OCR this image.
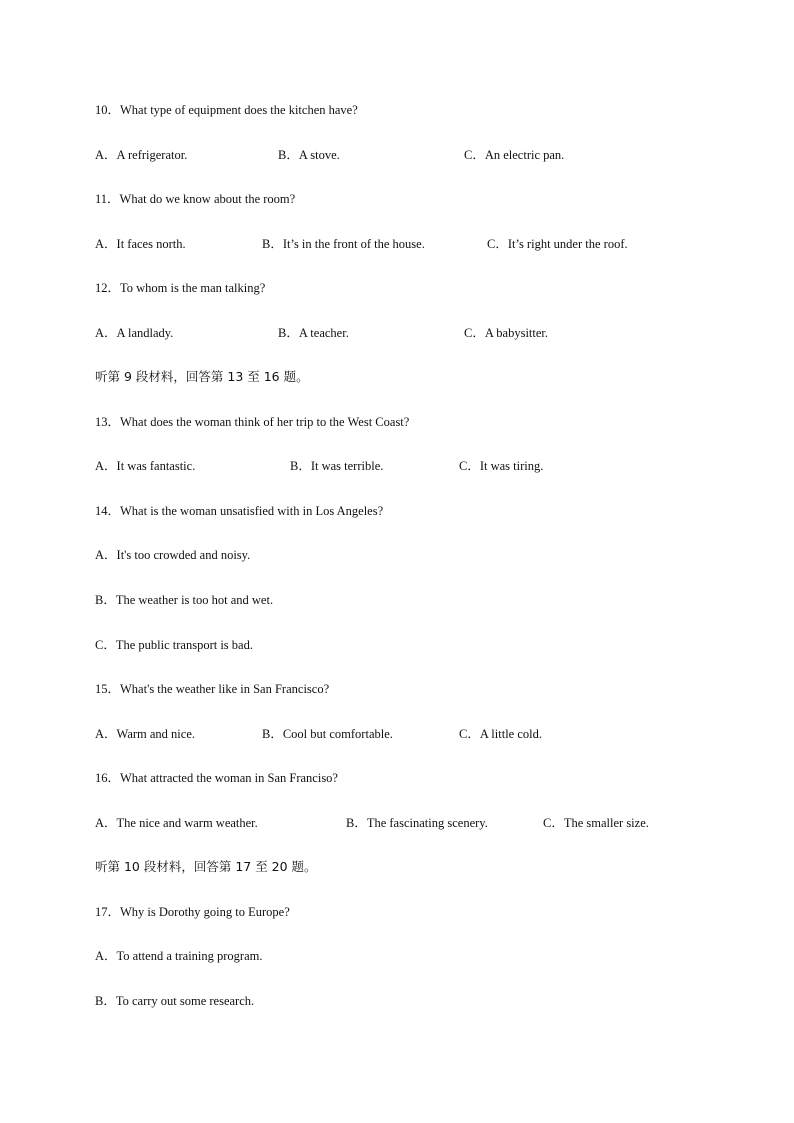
10．What type of equipment does the kitchen have?
A．A refrigerator.	B．A stove.	C．An electric pan.
11．What do we know about the room?
A．It faces north.	B．It’s in the front of the house.	C．It’s right under the roof.
12．To whom is the man talking?
A．A landlady.	B．A teacher.	C．A babysitter.
听第 9 段材料，回答第 13 至 16 题。
13．What does the woman think of her trip to the West Coast?
A．It was fantastic.	B．It was terrible.	C．It was tiring.
14．What is the woman unsatisfied with in Los Angeles?
A．It's too crowded and noisy.
B．The weather is too hot and wet.
C．The public transport is bad.
15．What's the weather like in San Francisco?
A．Warm and nice.	B．Cool but comfortable.	C．A little cold.
16．What attracted the woman in San Franciso?
A．The nice and warm weather.	B．The fascinating scenery.	C．The smaller size.
听第 10 段材料，回答第 17 至 20 题。
17．Why is Dorothy going to Europe?
A．To attend a training program.
B．To carry out some research.
